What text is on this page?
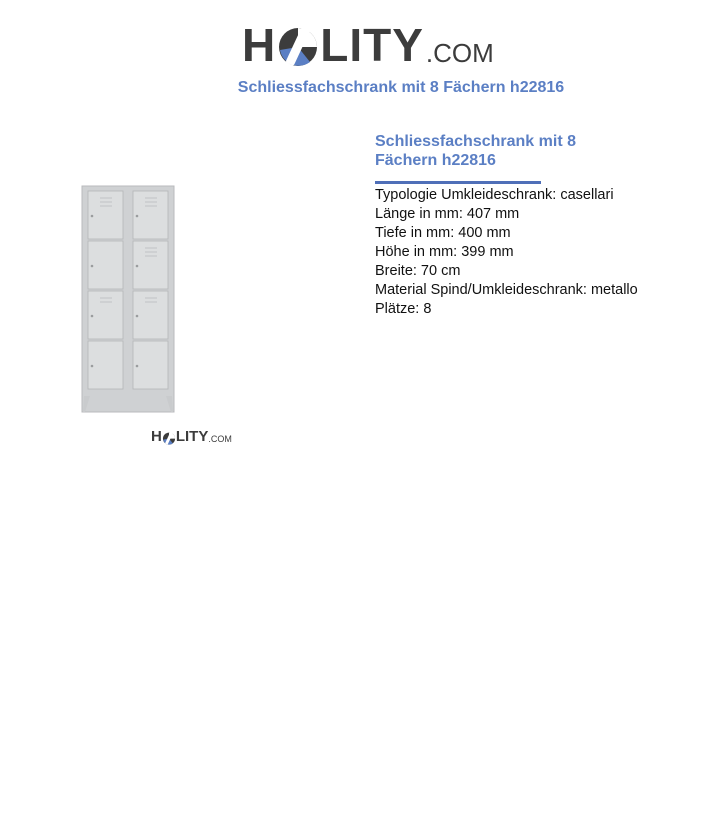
H LITY .COM
Schliessfachschrank mit 8 Fächern h22816
H LITY .COM
Schliessfachschrank mit 8 Fächern h22816
Typologie Umkleideschrank: casellari
Länge in mm: 407 mm
Tiefe in mm: 400 mm
Höhe in mm: 399 mm
Breite: 70 cm
Material Spind/Umkleideschrank: metallo
Plätze: 8
